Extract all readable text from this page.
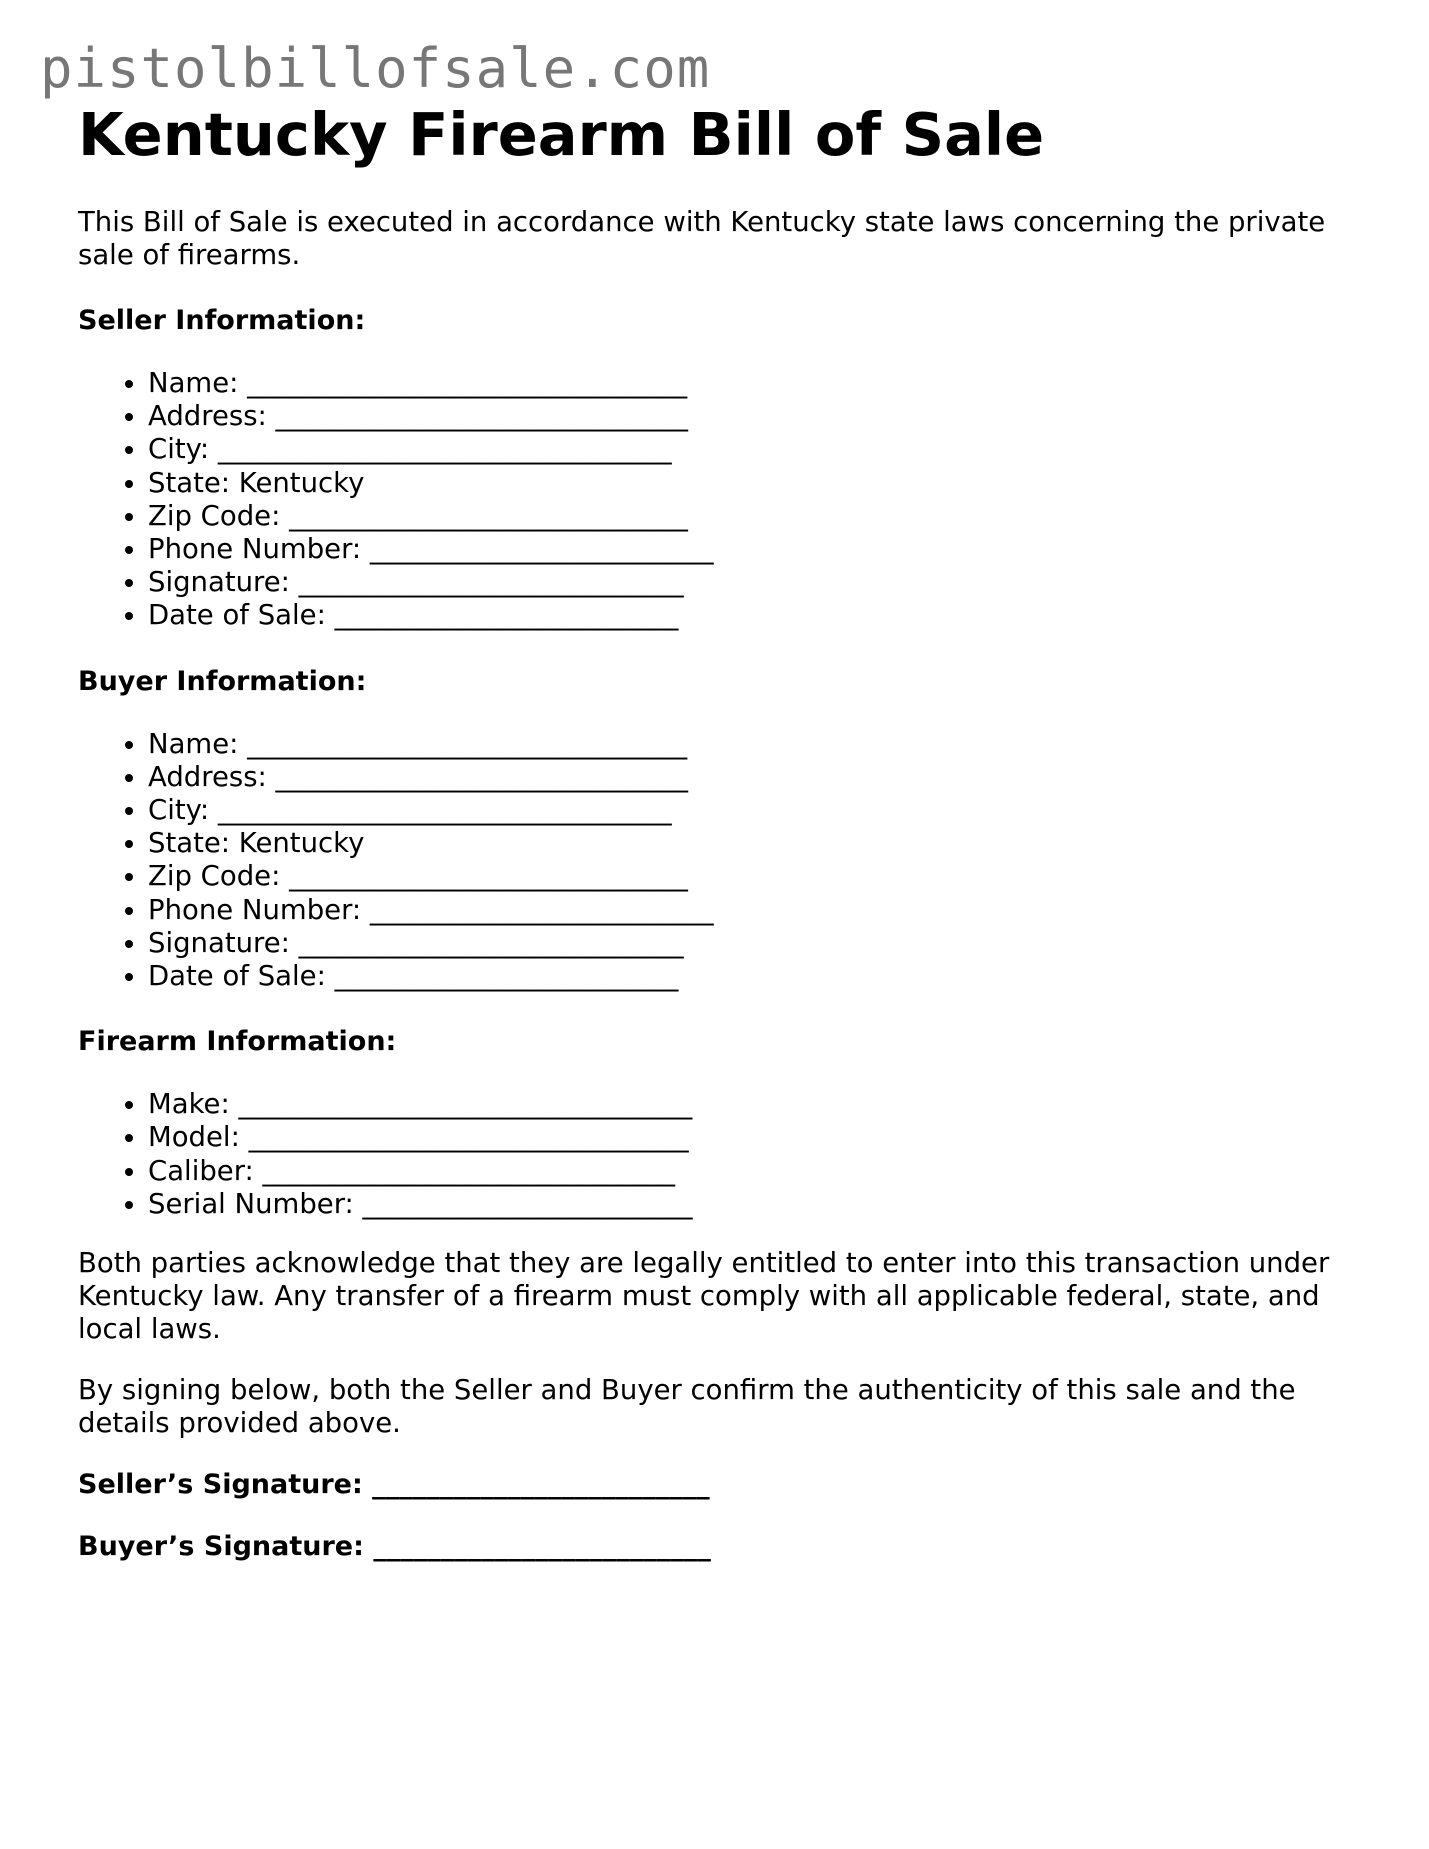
pistolbillofsale.com
Kentucky Firearm Bill of Sale

This Bill of Sale is executed in accordance with Kentucky state laws concerning the private sale of firearms.

Seller Information:
• Name: ________________________________
• Address: ______________________________
• City: _________________________________
• State: Kentucky
• Zip Code: _____________________________
• Phone Number: _________________________
• Signature: ____________________________
• Date of Sale: _________________________
Buyer Information:
• Name: ________________________________
• Address: ______________________________
• City: _________________________________
• State: Kentucky
• Zip Code: _____________________________
• Phone Number: _________________________
• Signature: ____________________________
• Date of Sale: _________________________
Firearm Information:
• Make: _________________________________
• Model: ________________________________
• Caliber: ______________________________
• Serial Number: ________________________

Both parties acknowledge that they are legally entitled to enter into this transaction under Kentucky law. Any transfer of a firearm must comply with all applicable federal, state, and local laws.

By signing below, both the Seller and Buyer confirm the authenticity of this sale and the details provided above.

Seller’s Signature: _________________________
Buyer’s Signature: _________________________
